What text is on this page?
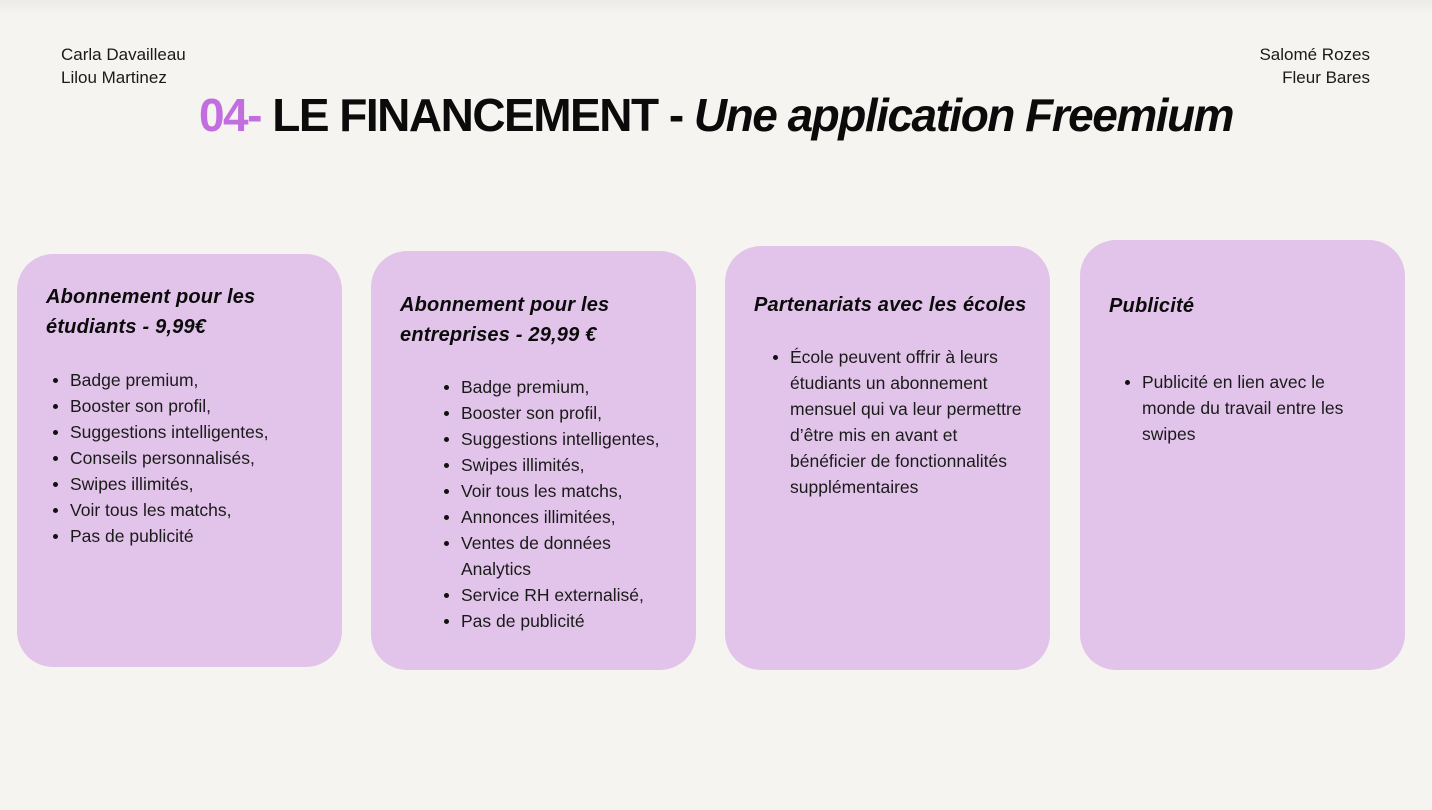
Carla Davailleau
Lilou Martinez
Salomé Rozes
Fleur Bares
04- LE FINANCEMENT - Une application Freemium
Abonnement pour les étudiants - 9,99€
Badge premium,
Booster son profil,
Suggestions intelligentes,
Conseils personnalisés,
Swipes illimités,
Voir tous les matchs,
Pas de publicité
Abonnement pour les entreprises - 29,99 €
Badge premium,
Booster son profil,
Suggestions intelligentes,
Swipes illimités,
Voir tous les matchs,
Annonces illimitées,
Ventes de données Analytics
Service RH externalisé,
Pas de publicité
Partenariats avec les écoles
École peuvent offrir à leurs étudiants un abonnement mensuel qui va leur permettre d’être mis en avant et bénéficier de fonctionnalités supplémentaires
Publicité
Publicité en lien avec le monde du travail entre les swipes
